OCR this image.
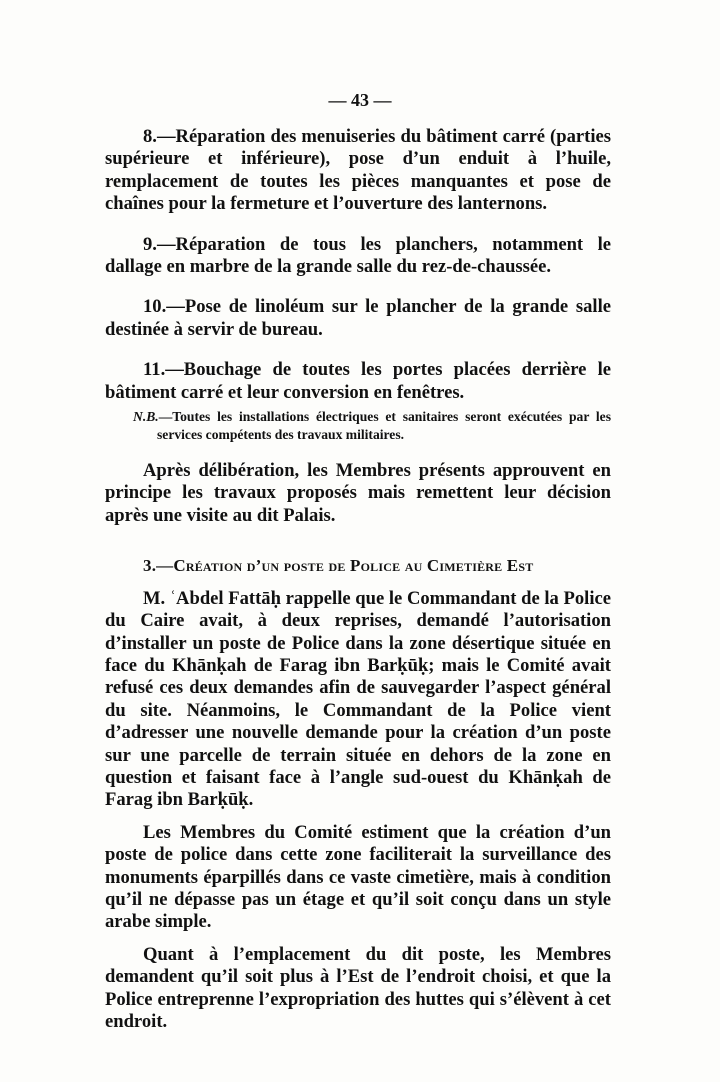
— 43 —

8.—Réparation des menuiseries du bâtiment carré (parties supérieure et inférieure), pose d’un enduit à l’huile, remplacement de toutes les pièces manquantes et pose de chaînes pour la fermeture et l’ouverture des lanternons.

9.—Réparation de tous les planchers, notamment le dallage en marbre de la grande salle du rez-de-chaussée.

10.—Pose de linoléum sur le plancher de la grande salle destinée à servir de bureau.

11.—Bouchage de toutes les portes placées derrière le bâtiment carré et leur conversion en fenêtres.

N.B.—Toutes les installations électriques et sanitaires seront exécutées par les services compétents des travaux militaires.

Après délibération, les Membres présents approuvent en principe les travaux proposés mais remettent leur décision après une visite au dit Palais.

3.—Création d’un poste de Police au Cimetière Est

M. ʿAbdel Fattāḥ rappelle que le Commandant de la Police du Caire avait, à deux reprises, demandé l’autorisation d’installer un poste de Police dans la zone désertique située en face du Khānḳah de Farag ibn Barḳūḳ; mais le Comité avait refusé ces deux demandes afin de sauvegarder l’aspect général du site. Néanmoins, le Commandant de la Police vient d’adresser une nouvelle demande pour la création d’un poste sur une parcelle de terrain située en dehors de la zone en question et faisant face à l’angle sud-ouest du Khānḳah de Farag ibn Barḳūḳ.

Les Membres du Comité estiment que la création d’un poste de police dans cette zone faciliterait la surveillance des monuments éparpillés dans ce vaste cimetière, mais à condition qu’il ne dépasse pas un étage et qu’il soit conçu dans un style arabe simple.

Quant à l’emplacement du dit poste, les Membres demandent qu’il soit plus à l’Est de l’endroit choisi, et que la Police entreprenne l’expropriation des huttes qui s’élèvent à cet endroit.
